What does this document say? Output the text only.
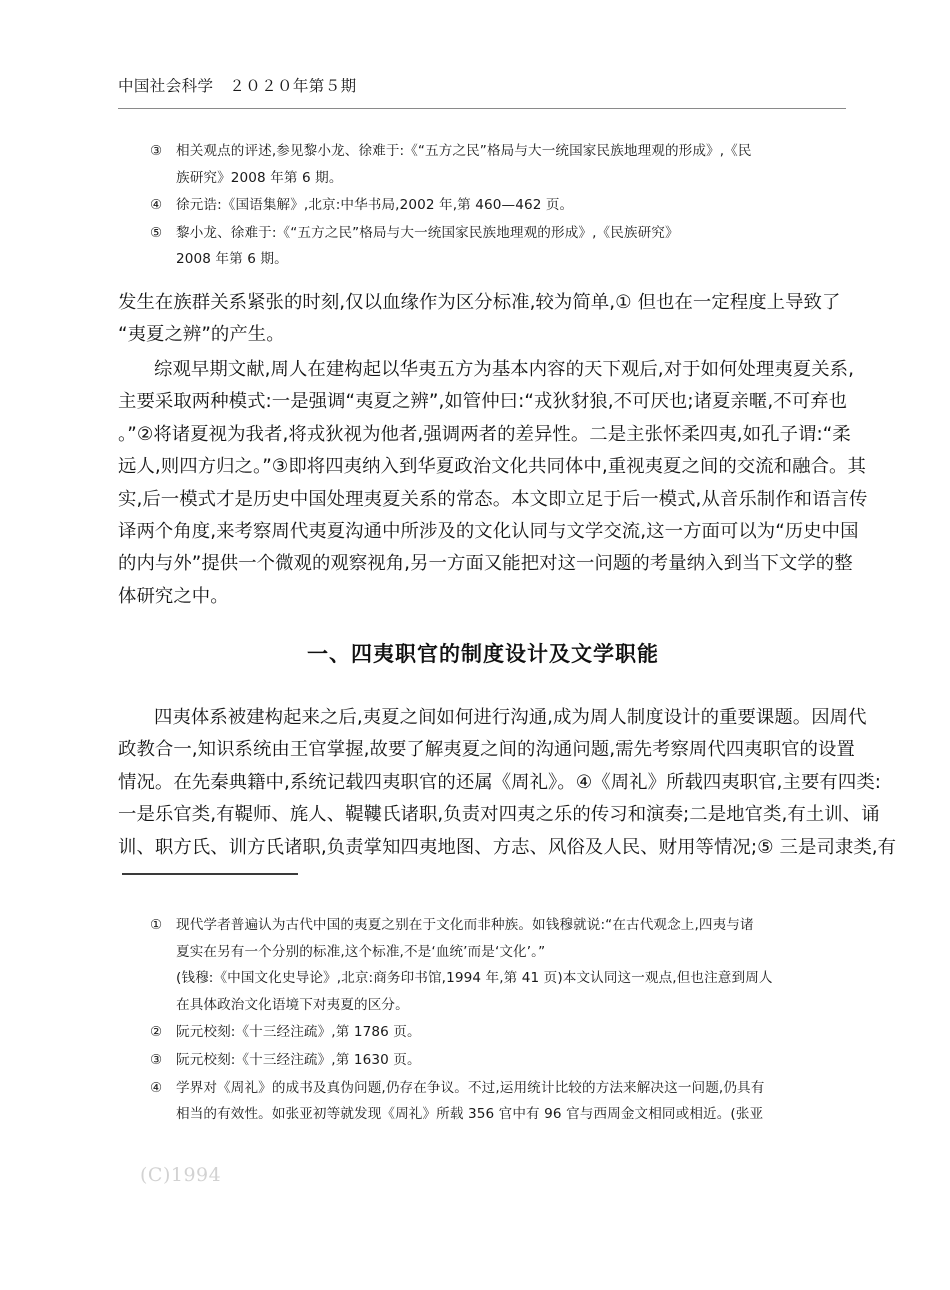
中国社会科学　２０２０年第５期
③	相关观点的评述,参见黎小龙、徐难于:《“五方之民”格局与大一统国家民族地理观的形成》,《民
族研究》2008 年第 6 期。
④	徐元诰:《国语集解》,北京:中华书局,2002 年,第 460—462 页。
⑤	黎小龙、徐难于:《“五方之民”格局与大一统国家民族地理观的形成》,《民族研究》
2008 年第 6 期。
发生在族群关系紧张的时刻,仅以血缘作为区分标准,较为简单,① 但也在一定程度上导致了
“夷夏之辨”的产生。
综观早期文献,周人在建构起以华夷五方为基本内容的天下观后,对于如何处理夷夏关系,
主要采取两种模式:一是强调“夷夏之辨”,如管仲曰:“戎狄豺狼,不可厌也;诸夏亲暱,不可弃也
。”②将诸夏视为我者,将戎狄视为他者,强调两者的差异性。二是主张怀柔四夷,如孔子谓:“柔
远人,则四方归之。”③即将四夷纳入到华夏政治文化共同体中,重视夷夏之间的交流和融合。其
实,后一模式才是历史中国处理夷夏关系的常态。本文即立足于后一模式,从音乐制作和语言传
译两个角度,来考察周代夷夏沟通中所涉及的文化认同与文学交流,这一方面可以为“历史中国
的内与外”提供一个微观的观察视角,另一方面又能把对这一问题的考量纳入到当下文学的整
体研究之中。
一、四夷职官的制度设计及文学职能
四夷体系被建构起来之后,夷夏之间如何进行沟通,成为周人制度设计的重要课题。因周代
政教合一,知识系统由王官掌握,故要了解夷夏之间的沟通问题,需先考察周代四夷职官的设置
情况。在先秦典籍中,系统记载四夷职官的还属《周礼》。④《周礼》所载四夷职官,主要有四类:
一是乐官类,有鞮师、旄人、鞮鞻氏诸职,负责对四夷之乐的传习和演奏;二是地官类,有土训、诵
训、职方氏、训方氏诸职,负责掌知四夷地图、方志、风俗及人民、财用等情况;⑤ 三是司隶类,有
①	现代学者普遍认为古代中国的夷夏之别在于文化而非种族。如钱穆就说:“在古代观念上,四夷与诸
夏实在另有一个分别的标准,这个标准,不是‘血统’而是‘文化’。”
(钱穆:《中国文化史导论》,北京:商务印书馆,1994 年,第 41 页)本文认同这一观点,但也注意到周人
在具体政治文化语境下对夷夏的区分。
②	阮元校刻:《十三经注疏》,第 1786 页。
③	阮元校刻:《十三经注疏》,第 1630 页。
④	学界对《周礼》的成书及真伪问题,仍存在争议。不过,运用统计比较的方法来解决这一问题,仍具有
相当的有效性。如张亚初等就发现《周礼》所载 356 官中有 96 官与西周金文相同或相近。(张亚
(C)1994
